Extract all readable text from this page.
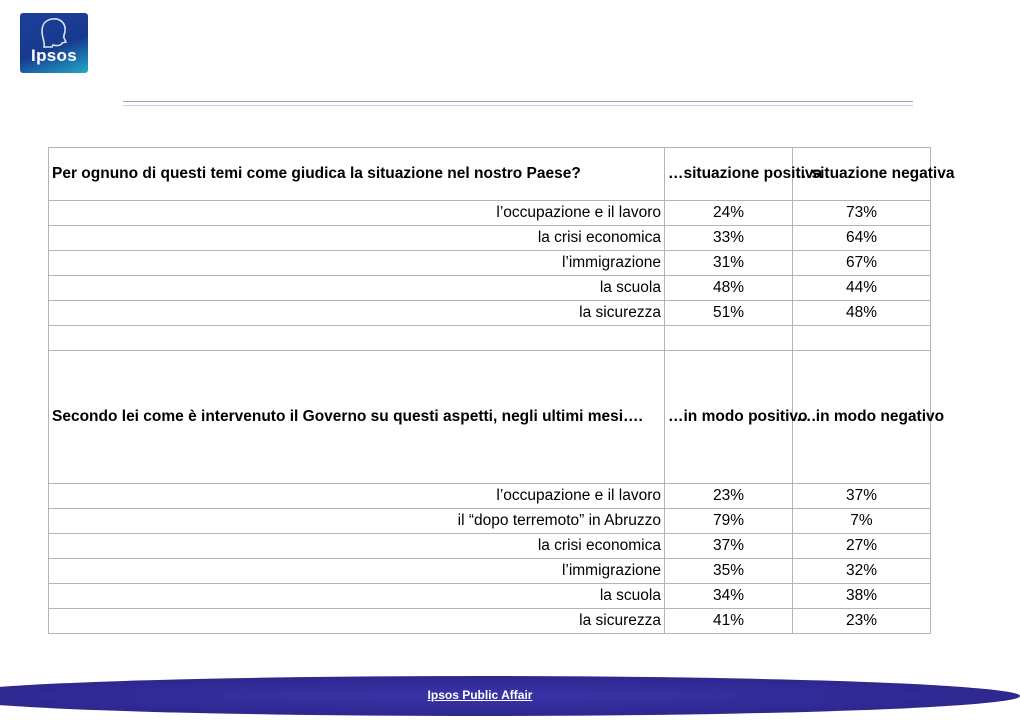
Ipsos
Per ognuno di questi temi come giudica la situazione nel nostro Paese?	…situazione positiva	…situazione negativa
l’occupazione e il lavoro	24%	73%
la crisi economica	33%	64%
l’immigrazione	31%	67%
la scuola	48%	44%
la sicurezza	51%	48%

Secondo lei come è intervenuto il Governo su questi aspetti, negli ultimi mesi….	…in modo positivo	….in modo negativo
l’occupazione e il lavoro	23%	37%
il “dopo terremoto” in Abruzzo	79%	7%
la crisi economica	37%	27%
l’immigrazione	35%	32%
la scuola	34%	38%
la sicurezza	41%	23%
Ipsos Public Affair
